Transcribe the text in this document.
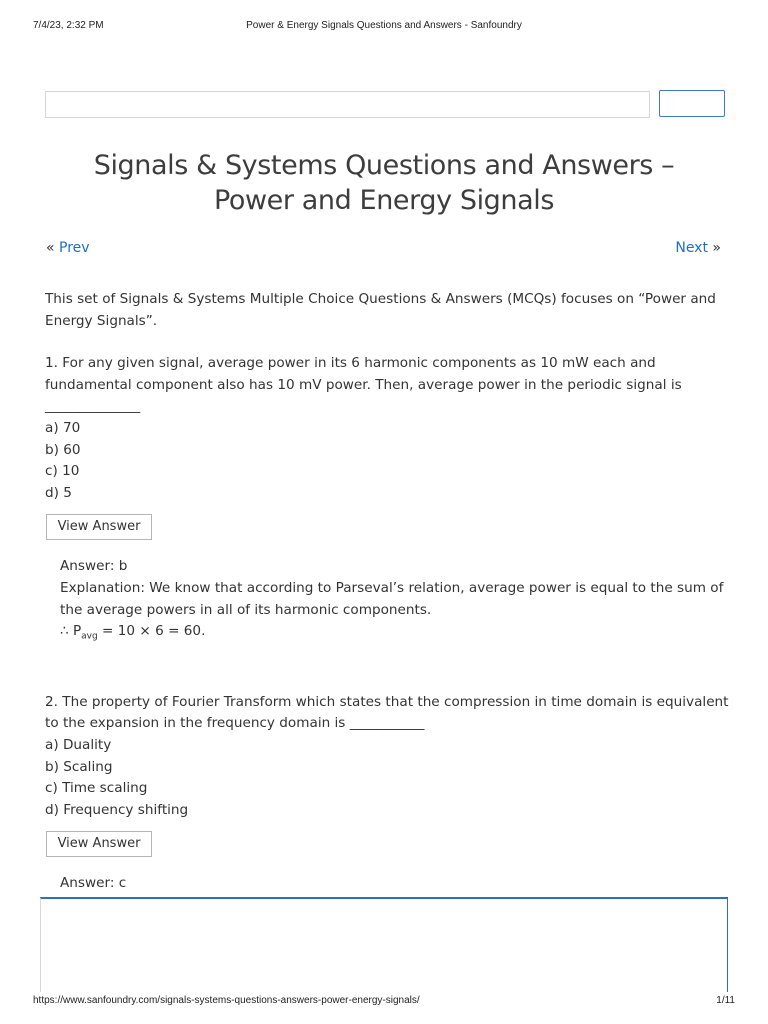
7/4/23, 2:32 PM	Power & Energy Signals Questions and Answers - Sanfoundry
Signals & Systems Questions and Answers –
Power and Energy Signals
« Prev	Next »

This set of Signals & Systems Multiple Choice Questions & Answers (MCQs) focuses on “Power and Energy Signals”.

1. For any given signal, average power in its 6 harmonic components as 10 mW each and fundamental component also has 10 mV power. Then, average power in the periodic signal is ______________

a) 70

b) 60

c) 10

d) 5

View Answer

Answer: b

Explanation: We know that according to Parseval’s relation, average power is equal to the sum of the average powers in all of its harmonic components.

∴ $P_{avg} = 10 \times 6 = 60$.

2. The property of Fourier Transform which states that the compression in time domain is equivalent to the expansion in the frequency domain is ___________

a) Duality

b) Scaling

c) Time scaling

d) Frequency shifting

View Answer

Answer: c

https://www.sanfoundry.com/signals-systems-questions-answers-power-energy-signals/	1/11
